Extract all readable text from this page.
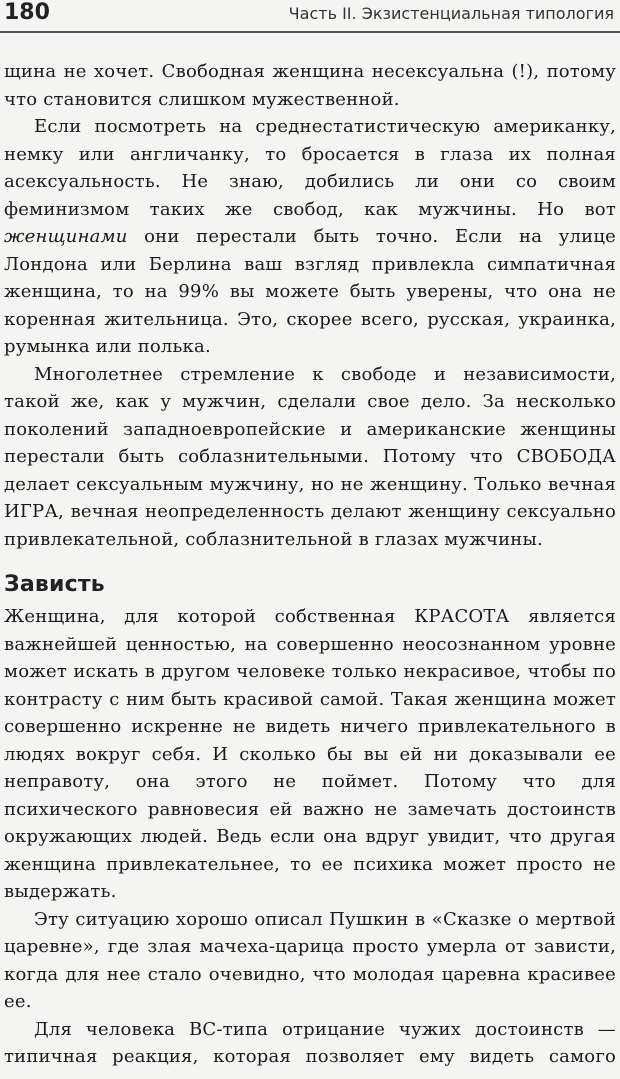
180	Часть II. Экзистенциальная типология

щина не хочет. Свободная женщина несексуальна (!), потому что становится слишком мужественной.

Если посмотреть на среднестатистическую американку, немку или англичанку, то бросается в глаза их полная асексуальность. Не знаю, добились ли они со своим феминизмом таких же свобод, как мужчины. Но вот женщинами они перестали быть точно. Если на улице Лондона или Берлина ваш взгляд привлекла симпатичная женщина, то на 99% вы можете быть уверены, что она не коренная жительница. Это, скорее всего, русская, украинка, румынка или полька.

Многолетнее стремление к свободе и независимости, такой же, как у мужчин, сделали свое дело. За несколько поколений западноевропейские и американские женщины перестали быть соблазнительными. Потому что СВОБОДА делает сексуальным мужчину, но не женщину. Только вечная ИГРА, вечная неопределенность делают женщину сексуально привлекательной, соблазнительной в глазах мужчины.

Зависть

Женщина, для которой собственная КРАСОТА является важнейшей ценностью, на совершенно неосознанном уровне может искать в другом человеке только некрасивое, чтобы по контрасту с ним быть красивой самой. Такая женщина может совершенно искренне не видеть ничего привлекательного в людях вокруг себя. И сколько бы вы ей ни доказывали ее неправоту, она этого не поймет. Потому что для психического равновесия ей важно не замечать достоинств окружающих людей. Ведь если она вдруг увидит, что другая женщина привлекательнее, то ее психика может просто не выдержать.

Эту ситуацию хорошо описал Пушкин в «Сказке о мертвой царевне», где злая мачеха-царица просто умерла от зависти, когда для нее стало очевидно, что молодая царевна красивее ее.

Для человека ВС-типа отрицание чужих достоинств — типичная реакция, которая позволяет ему видеть самого
